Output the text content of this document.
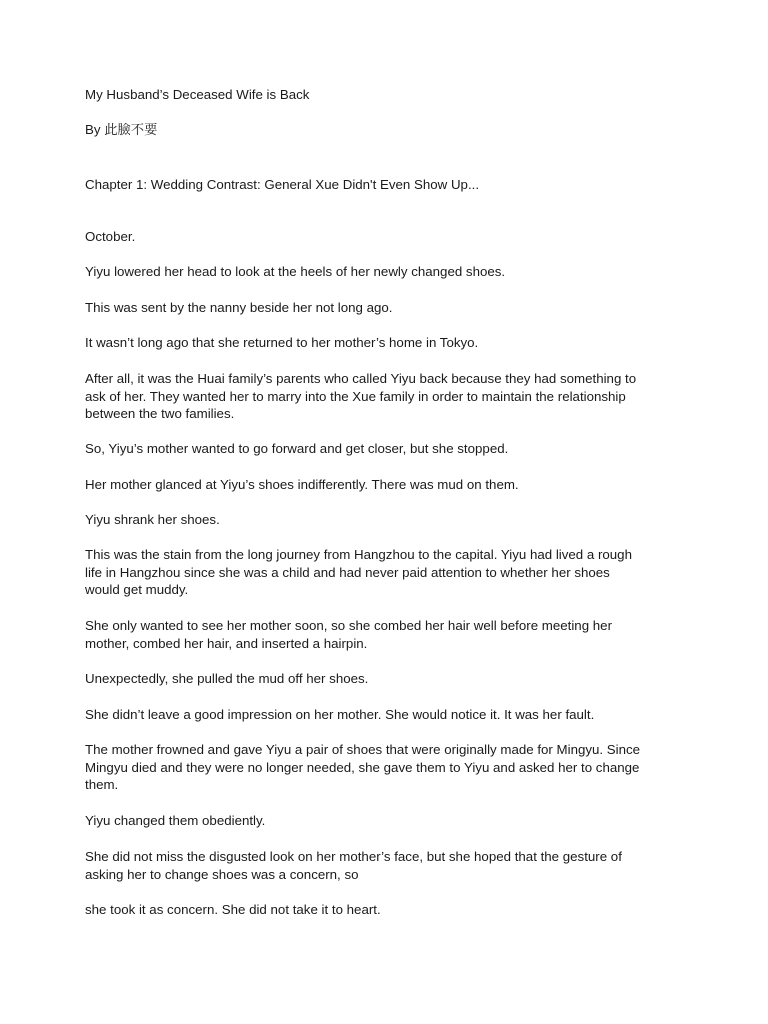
My Husband’s Deceased Wife is Back

By 此臉不要

Chapter 1: Wedding Contrast: General Xue Didn't Even Show Up...

October.

Yiyu lowered her head to look at the heels of her newly changed shoes.

This was sent by the nanny beside her not long ago.

It wasn’t long ago that she returned to her mother’s home in Tokyo.

After all, it was the Huai family’s parents who called Yiyu back because they had something to ask of her. They wanted her to marry into the Xue family in order to maintain the relationship between the two families.

So, Yiyu’s mother wanted to go forward and get closer, but she stopped.

Her mother glanced at Yiyu’s shoes indifferently. There was mud on them.

Yiyu shrank her shoes.

This was the stain from the long journey from Hangzhou to the capital. Yiyu had lived a rough life in Hangzhou since she was a child and had never paid attention to whether her shoes would get muddy.

She only wanted to see her mother soon, so she combed her hair well before meeting her mother, combed her hair, and inserted a hairpin.

Unexpectedly, she pulled the mud off her shoes.

She didn’t leave a good impression on her mother. She would notice it. It was her fault.

The mother frowned and gave Yiyu a pair of shoes that were originally made for Mingyu. Since Mingyu died and they were no longer needed, she gave them to Yiyu and asked her to change them.

Yiyu changed them obediently.

She did not miss the disgusted look on her mother’s face, but she hoped that the gesture of asking her to change shoes was a concern, so

she took it as concern. She did not take it to heart.
